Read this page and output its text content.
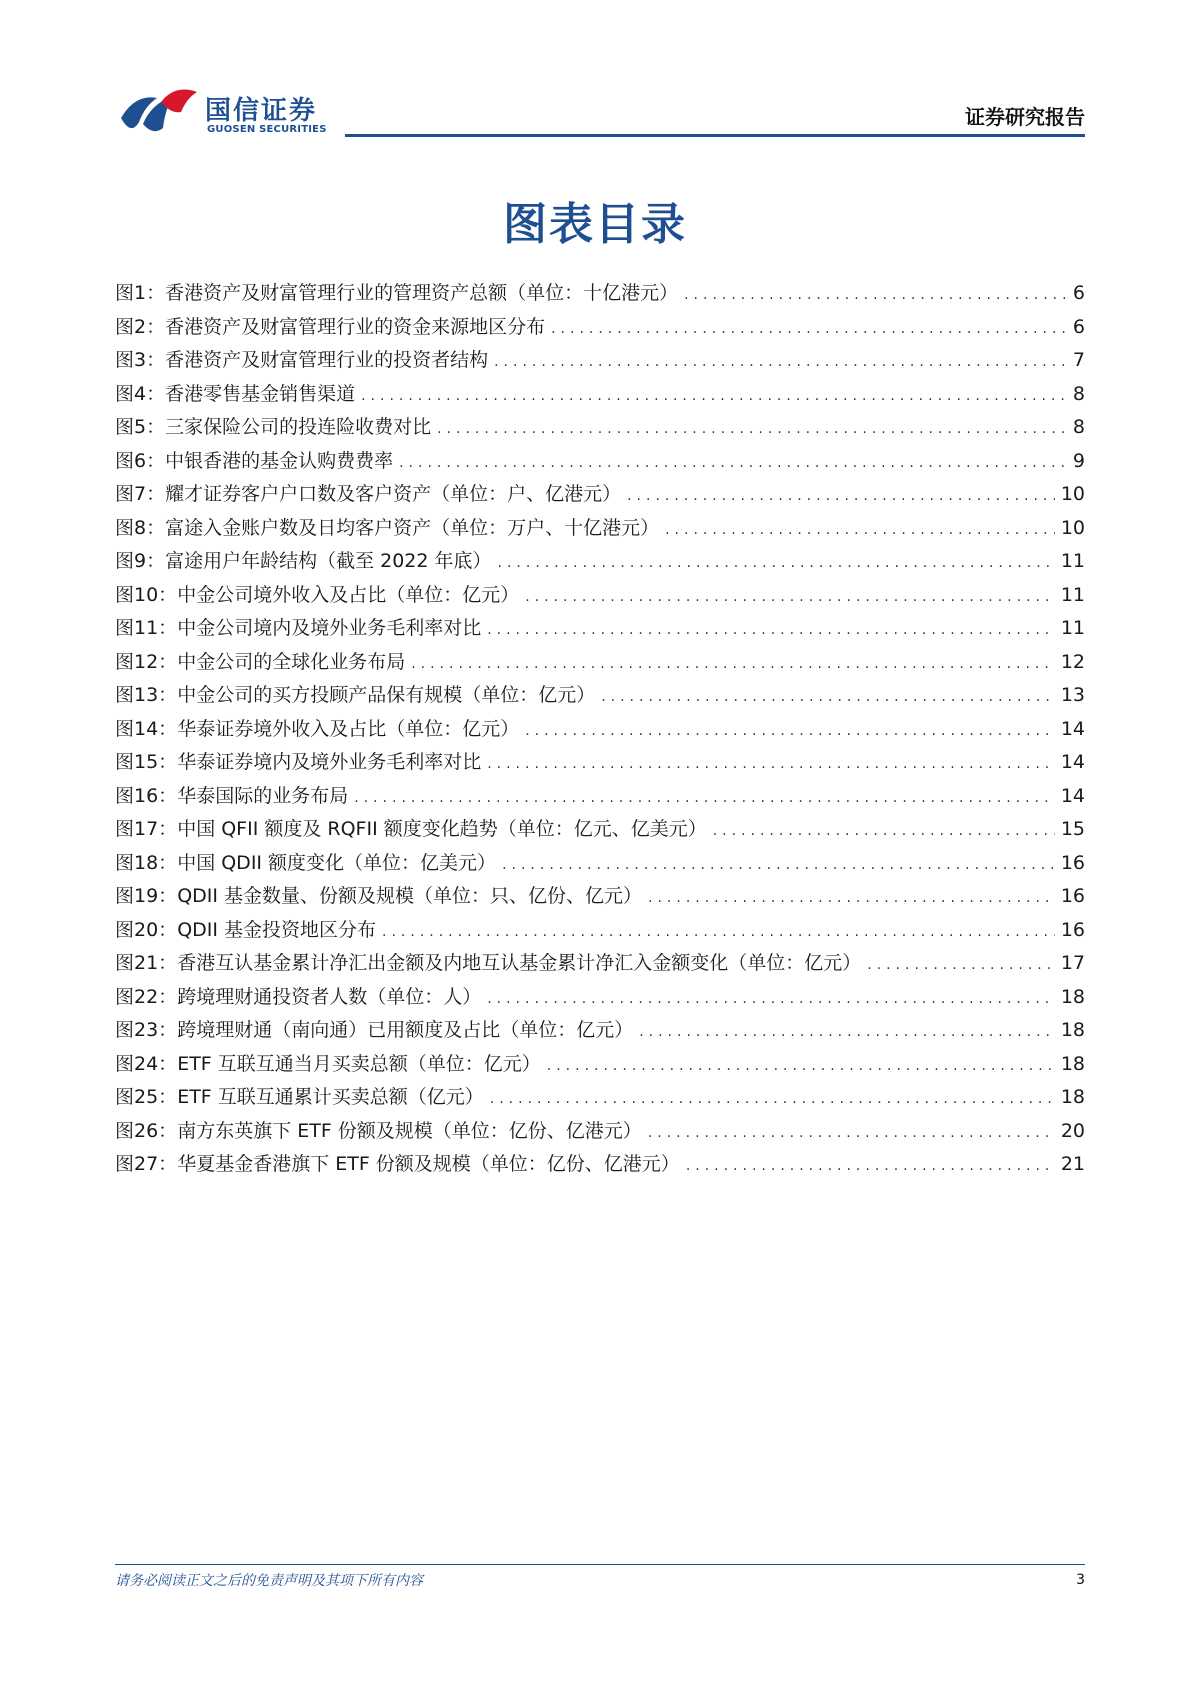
国信证券
GUOSEN SECURITIES
证券研究报告
图表目录
图1： 香港资产及财富管理行业的管理资产总额（单位：十亿港元） .....	6
图2： 香港资产及财富管理行业的资金来源地区分布 .....	6
图3： 香港资产及财富管理行业的投资者结构 .....	7
图4： 香港零售基金销售渠道 .....	8
图5： 三家保险公司的投连险收费对比 .....	8
图6： 中银香港的基金认购费费率 .....	9
图7： 耀才证券客户户口数及客户资产（单位：户、亿港元） .....	10
图8： 富途入金账户数及日均客户资产（单位：万户、十亿港元） .....	10
图9： 富途用户年龄结构（截至 2022 年底） .....	11
图10： 中金公司境外收入及占比（单位：亿元） .....	11
图11： 中金公司境内及境外业务毛利率对比 .....	11
图12： 中金公司的全球化业务布局 .....	12
图13： 中金公司的买方投顾产品保有规模（单位：亿元） .....	13
图14： 华泰证券境外收入及占比（单位：亿元） .....	14
图15： 华泰证券境内及境外业务毛利率对比 .....	14
图16： 华泰国际的业务布局 .....	14
图17： 中国 QFII 额度及 RQFII 额度变化趋势（单位：亿元、亿美元） .....	15
图18： 中国 QDII 额度变化（单位：亿美元） .....	16
图19： QDII 基金数量、份额及规模（单位：只、亿份、亿元） .....	16
图20： QDII 基金投资地区分布 .....	16
图21： 香港互认基金累计净汇出金额及内地互认基金累计净汇入金额变化（单位：亿元） .....	17
图22： 跨境理财通投资者人数（单位：人） .....	18
图23： 跨境理财通（南向通）已用额度及占比（单位：亿元） .....	18
图24： ETF 互联互通当月买卖总额（单位：亿元） .....	18
图25： ETF 互联互通累计买卖总额（亿元） .....	18
图26： 南方东英旗下 ETF 份额及规模（单位：亿份、亿港元） .....	20
图27： 华夏基金香港旗下 ETF 份额及规模（单位：亿份、亿港元） .....	21
请务必阅读正文之后的免责声明及其项下所有内容	3
